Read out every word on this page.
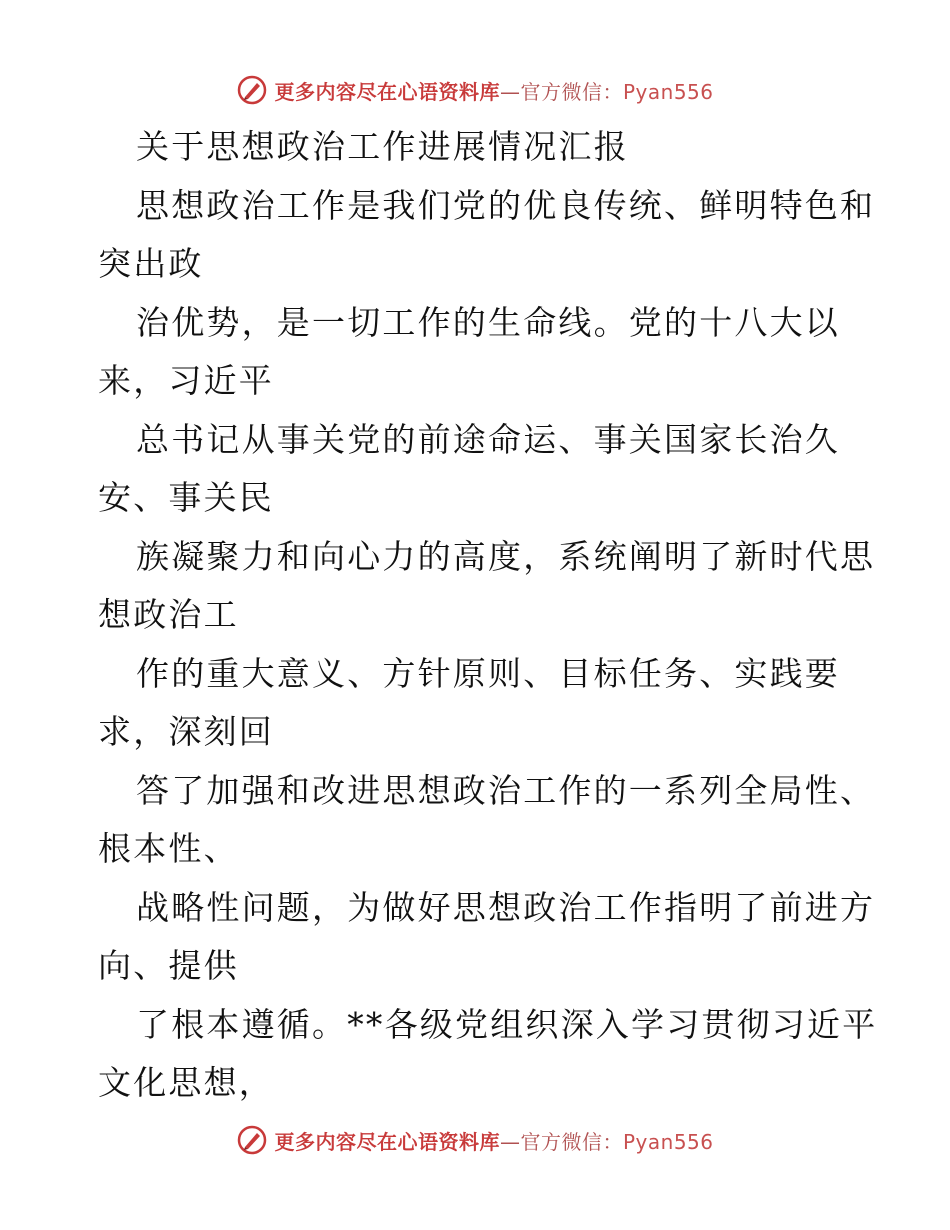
更多内容尽在心语资料库—官方微信：Pyan556
关于思想政治工作进展情况汇报
思想政治工作是我们党的优良传统、鲜明特色和
突出政
治优势，是一切工作的生命线。党的十八大以
来，习近平
总书记从事关党的前途命运、事关国家长治久
安、事关民
族凝聚力和向心力的高度，系统阐明了新时代思
想政治工
作的重大意义、方针原则、目标任务、实践要
求，深刻回
答了加强和改进思想政治工作的一系列全局性、
根本性、
战略性问题，为做好思想政治工作指明了前进方
向、提供
了根本遵循。**各级党组织深入学习贯彻习近平
文化思想，
更多内容尽在心语资料库—官方微信：Pyan556
